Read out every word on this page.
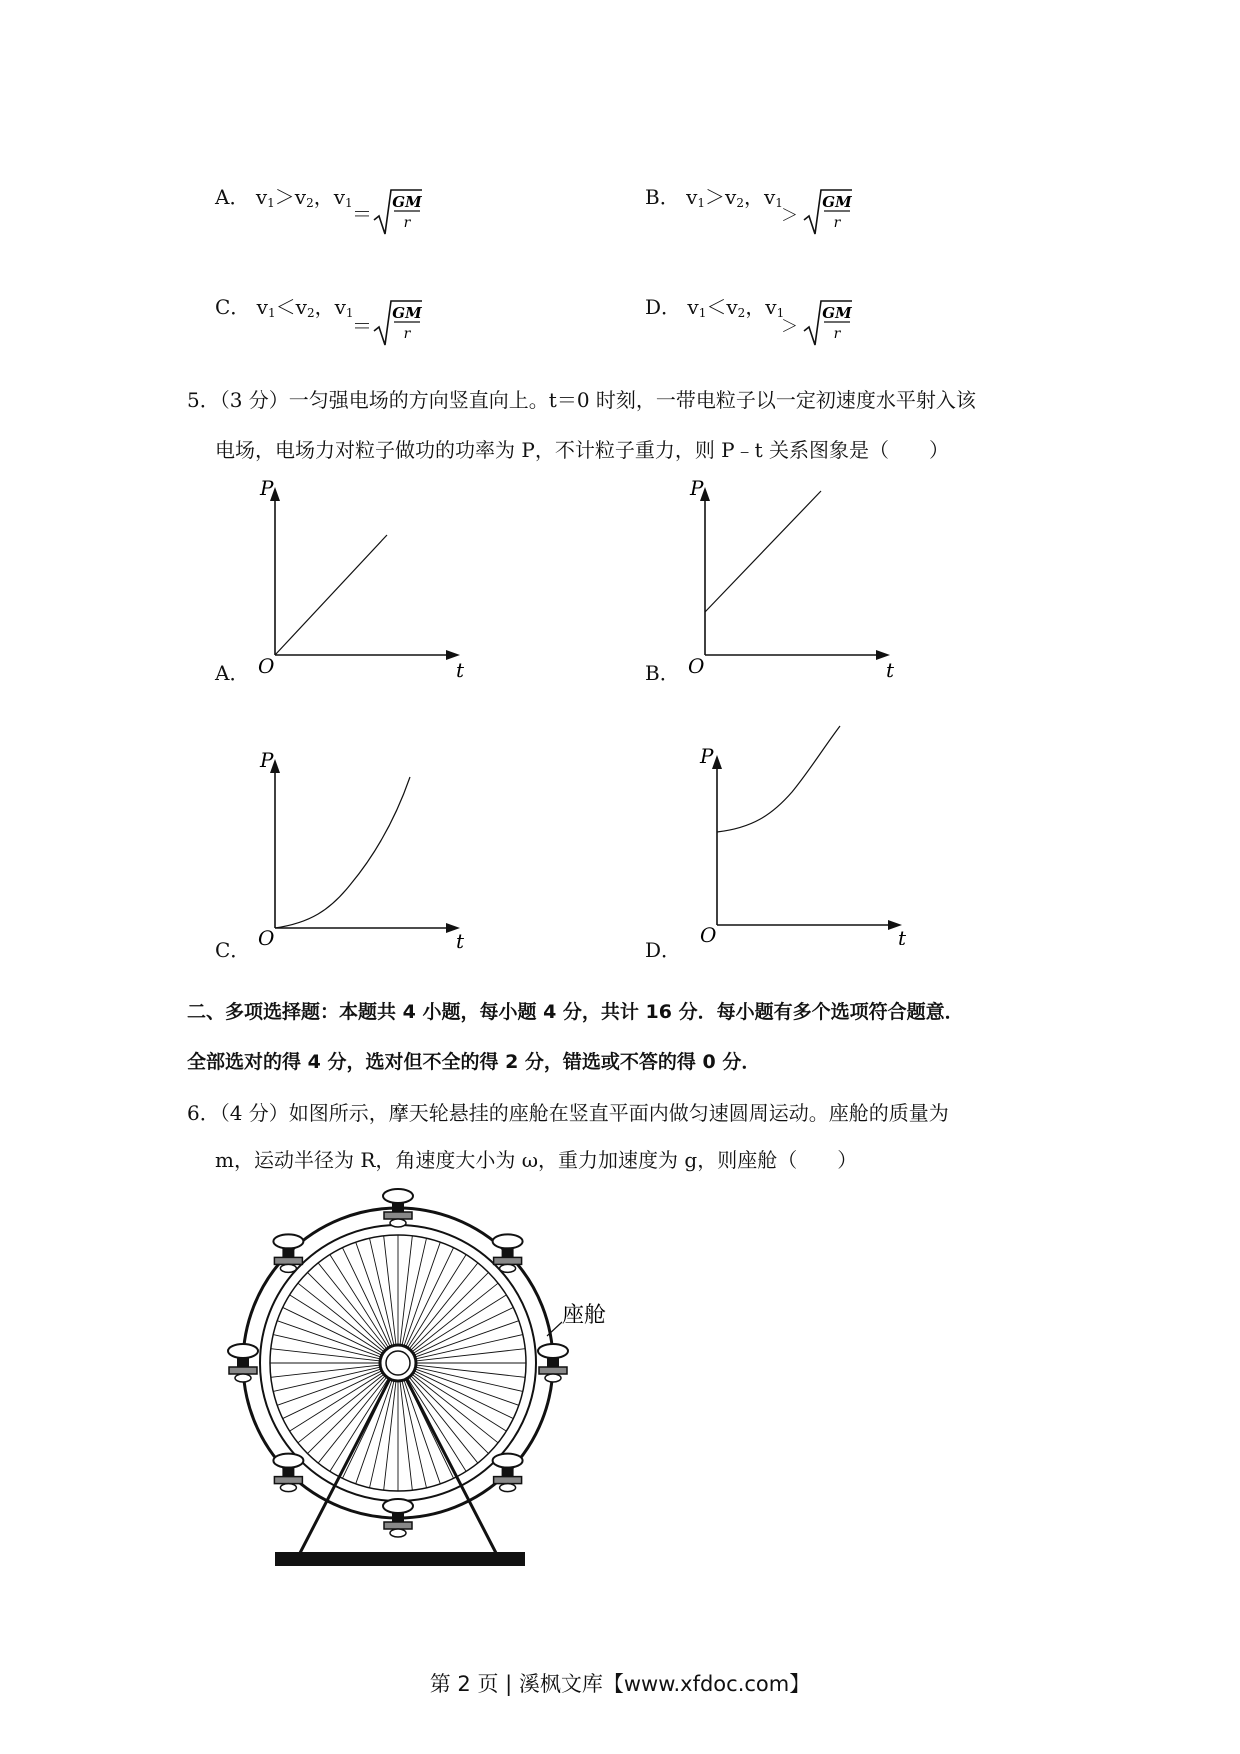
A． $v_1>v_2$，$v_1$ ＝ GM
r
B． $v_1>v_2$，$v_1$
＞
GM
r
C． $v_1<v_2$，$v_1$
＝
GM
r
D． $v_1<v_2$，$v_1$
＞
GM
r
5．（3 分）一匀强电场的方向竖直向上。t＝0 时刻，一带电粒子以一定初速度水平射入该
电场，电场力对粒子做功的功率为 P，不计粒子重力，则 P﹣t 关系图象是（　　）
A．
P
O	t	B．
P
O	t
C．
P
O	t	D．
P
O	t
二、多项选择题：本题共 4 小题，每小题 4 分，共计 16 分．每小题有多个选项符合题意．
全部选对的得 4 分，选对但不全的得 2 分，错选或不答的得 0 分．
6．（4 分）如图所示，摩天轮悬挂的座舱在竖直平面内做匀速圆周运动。座舱的质量为
m，运动半径为 R，角速度大小为 ω，重力加速度为 g，则座舱（　　）
座舱
第 2 页 | 溪枫文库【www.xfdoc.com】
